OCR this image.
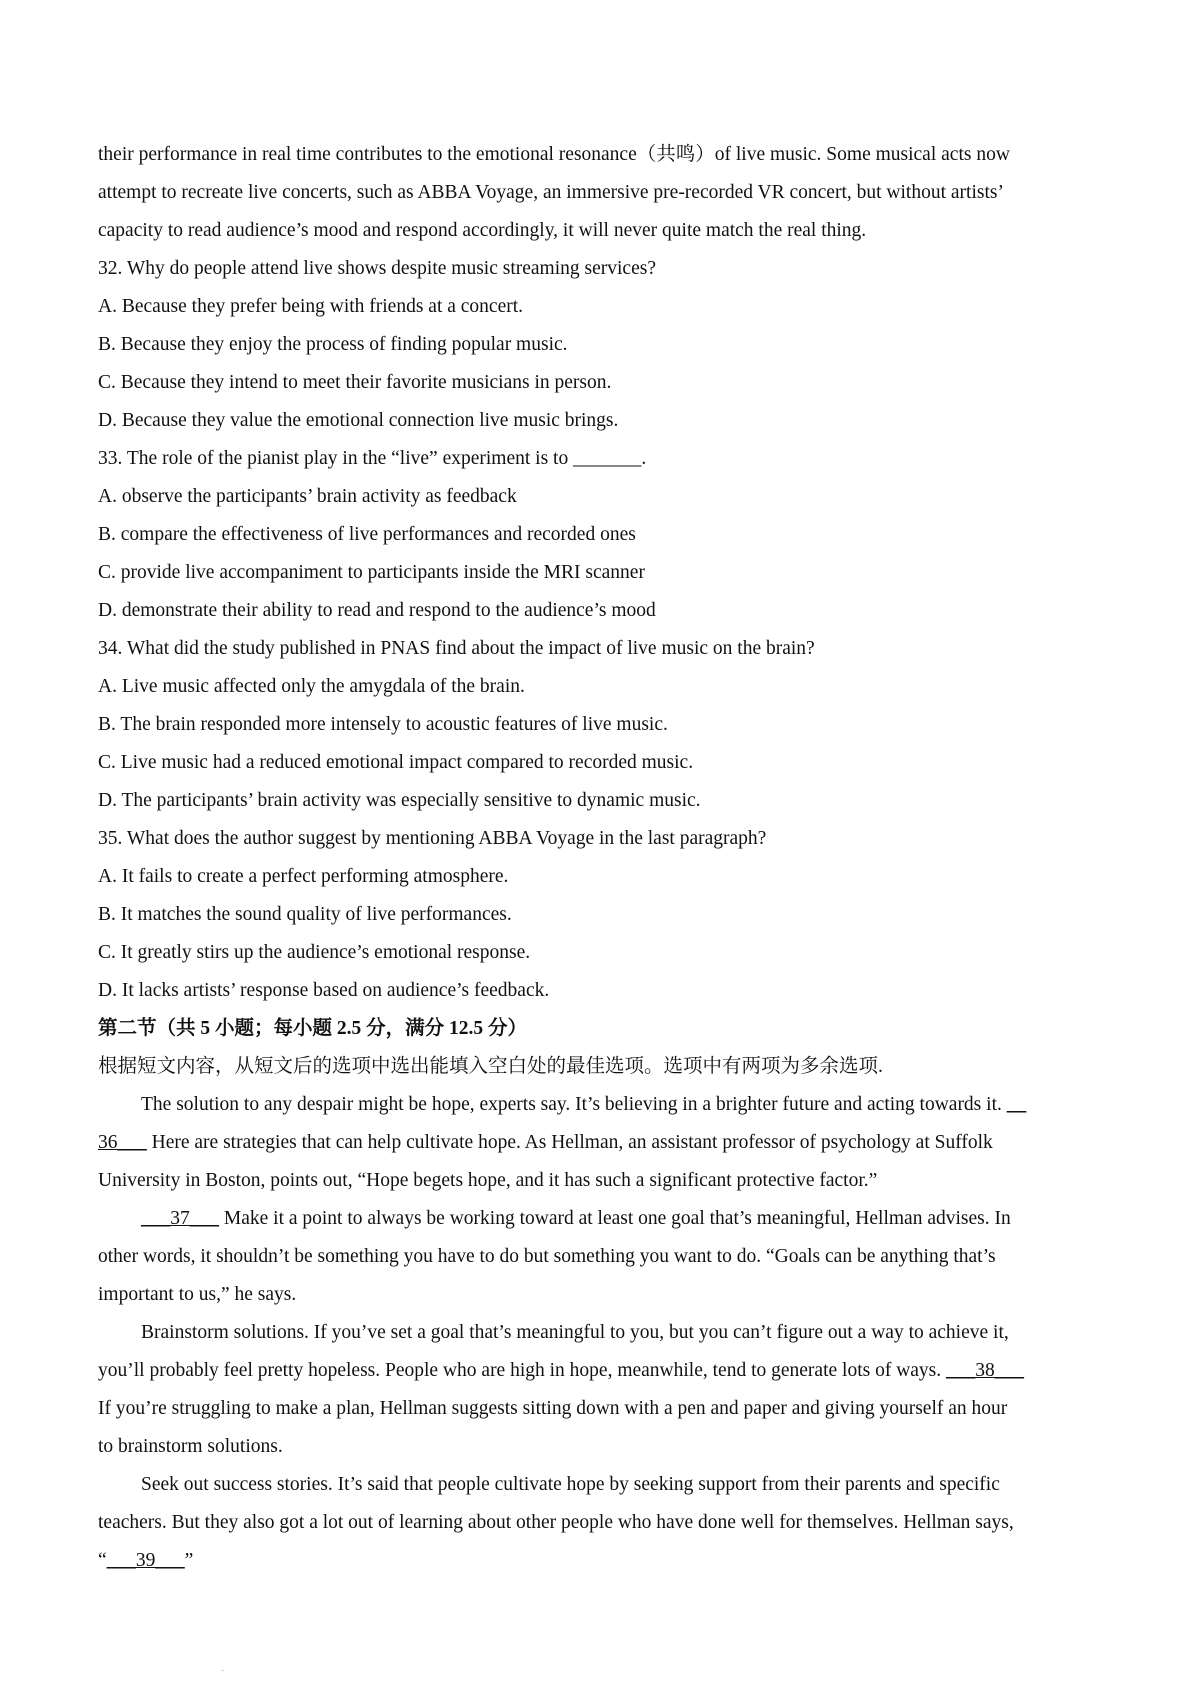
their performance in real time contributes to the emotional resonance（共鸣）of live music. Some musical acts now

attempt to recreate live concerts, such as ABBA Voyage, an immersive pre-recorded VR concert, but without artists’

capacity to read audience’s mood and respond accordingly, it will never quite match the real thing.

32. Why do people attend live shows despite music streaming services?

A. Because they prefer being with friends at a concert.

B. Because they enjoy the process of finding popular music.

C. Because they intend to meet their favorite musicians in person.

D. Because they value the emotional connection live music brings.

33. The role of the pianist play in the “live” experiment is to _______.

A. observe the participants’ brain activity as feedback

B. compare the effectiveness of live performances and recorded ones

C. provide live accompaniment to participants inside the MRI scanner

D. demonstrate their ability to read and respond to the audience’s mood

34. What did the study published in PNAS find about the impact of live music on the brain?

A. Live music affected only the amygdala of the brain.

B. The brain responded more intensely to acoustic features of live music.

C. Live music had a reduced emotional impact compared to recorded music.

D. The participants’ brain activity was especially sensitive to dynamic music.

35. What does the author suggest by mentioning ABBA Voyage in the last paragraph?

A. It fails to create a perfect performing atmosphere.

B. It matches the sound quality of live performances.

C. It greatly stirs up the audience’s emotional response.

D. It lacks artists’ response based on audience’s feedback.

第二节（共 5 小题；每小题 2.5 分，满分 12.5 分）

根据短文内容，从短文后的选项中选出能填入空白处的最佳选项。选项中有两项为多余选项.

The solution to any despair might be hope, experts say. It’s believing in a brighter future and acting towards it. __

36___ Here are strategies that can help cultivate hope. As Hellman, an assistant professor of psychology at Suffolk

University in Boston, points out, “Hope begets hope, and it has such a significant protective factor.”

___37___ Make it a point to always be working toward at least one goal that’s meaningful, Hellman advises. In

other words, it shouldn’t be something you have to do but something you want to do. “Goals can be anything that’s

important to us,” he says.

Brainstorm solutions. If you’ve set a goal that’s meaningful to you, but you can’t figure out a way to achieve it,

you’ll probably feel pretty hopeless. People who are high in hope, meanwhile, tend to generate lots of ways. ___38___

If you’re struggling to make a plan, Hellman suggests sitting down with a pen and paper and giving yourself an hour

to brainstorm solutions.

Seek out success stories. It’s said that people cultivate hope by seeking support from their parents and specific

teachers. But they also got a lot out of learning about other people who have done well for themselves. Hellman says,

“___39___”
